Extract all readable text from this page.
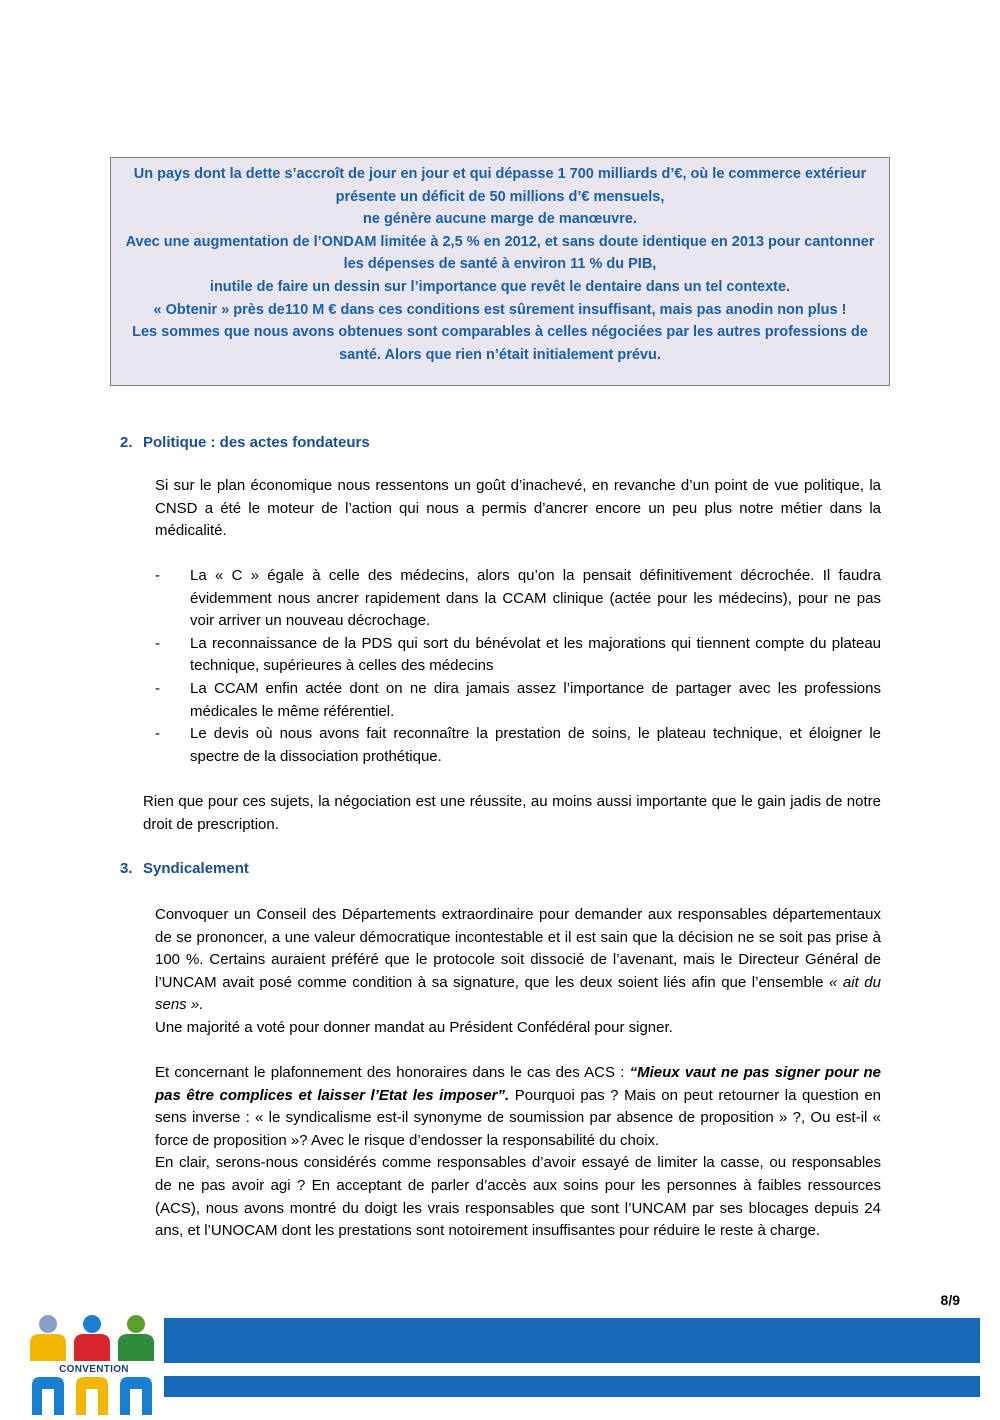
Un pays dont la dette s’accroît de jour en jour et qui dépasse 1 700 milliards d’€, où le commerce extérieur présente un déficit de 50 millions d’€ mensuels,

ne génère aucune marge de manœuvre.

Avec une augmentation de l’ONDAM limitée à 2,5 % en 2012, et sans doute identique en 2013 pour cantonner les dépenses de santé à environ 11 % du PIB,

inutile de faire un dessin sur l’importance que revêt le dentaire dans un tel contexte.

« Obtenir » près de110 M € dans ces conditions est sûrement insuffisant, mais pas anodin non plus !

Les sommes que nous avons obtenues sont comparables à celles négociées par les autres professions de santé. Alors que rien n’était initialement prévu.

2. Politique : des actes fondateurs

Si sur le plan économique nous ressentons un goût d’inachevé, en revanche d’un point de vue politique, la CNSD a été le moteur de l’action qui nous a permis d’ancrer encore un peu plus notre métier dans la médicalité.

- La « C » égale à celle des médecins, alors qu’on la pensait définitivement décrochée. Il faudra évidemment nous ancrer rapidement dans la CCAM clinique (actée pour les médecins), pour ne pas voir arriver un nouveau décrochage.
- La reconnaissance de la PDS qui sort du bénévolat et les majorations qui tiennent compte du plateau technique, supérieures à celles des médecins
- La CCAM enfin actée dont on ne dira jamais assez l’importance de partager avec les professions médicales le même référentiel.
- Le devis où nous avons fait reconnaître la prestation de soins, le plateau technique, et éloigner le spectre de la dissociation prothétique.

Rien que pour ces sujets, la négociation est une réussite, au moins aussi importante que le gain jadis de notre droit de prescription.

3. Syndicalement

Convoquer un Conseil des Départements extraordinaire pour demander aux responsables départementaux de se prononcer, a une valeur démocratique incontestable et il est sain que la décision ne se soit pas prise à 100 %. Certains auraient préféré que le protocole soit dissocié de l’avenant, mais le Directeur Général de l’UNCAM avait posé comme condition à sa signature, que les deux soient liés afin que l’ensemble « ait du sens ».

Une majorité a voté pour donner mandat au Président Confédéral pour signer.

Et concernant le plafonnement des honoraires dans le cas des ACS : “Mieux vaut ne pas signer pour ne pas être complices et laisser l’Etat les imposer”. Pourquoi pas ? Mais on peut retourner la question en sens inverse : « le syndicalisme est-il synonyme de soumission par absence de proposition » ?, Ou est-il « force de proposition »? Avec le risque d’endosser la responsabilité du choix.

En clair, serons-nous considérés comme responsables d’avoir essayé de limiter la casse, ou responsables de ne pas avoir agi ? En acceptant de parler d’accès aux soins pour les personnes à faibles ressources (ACS), nous avons montré du doigt les vrais responsables que sont l’UNCAM par ses blocages depuis 24 ans, et l’UNOCAM dont les prestations sont notoirement insuffisantes pour réduire le reste à charge.

8/9
CONVENTION
